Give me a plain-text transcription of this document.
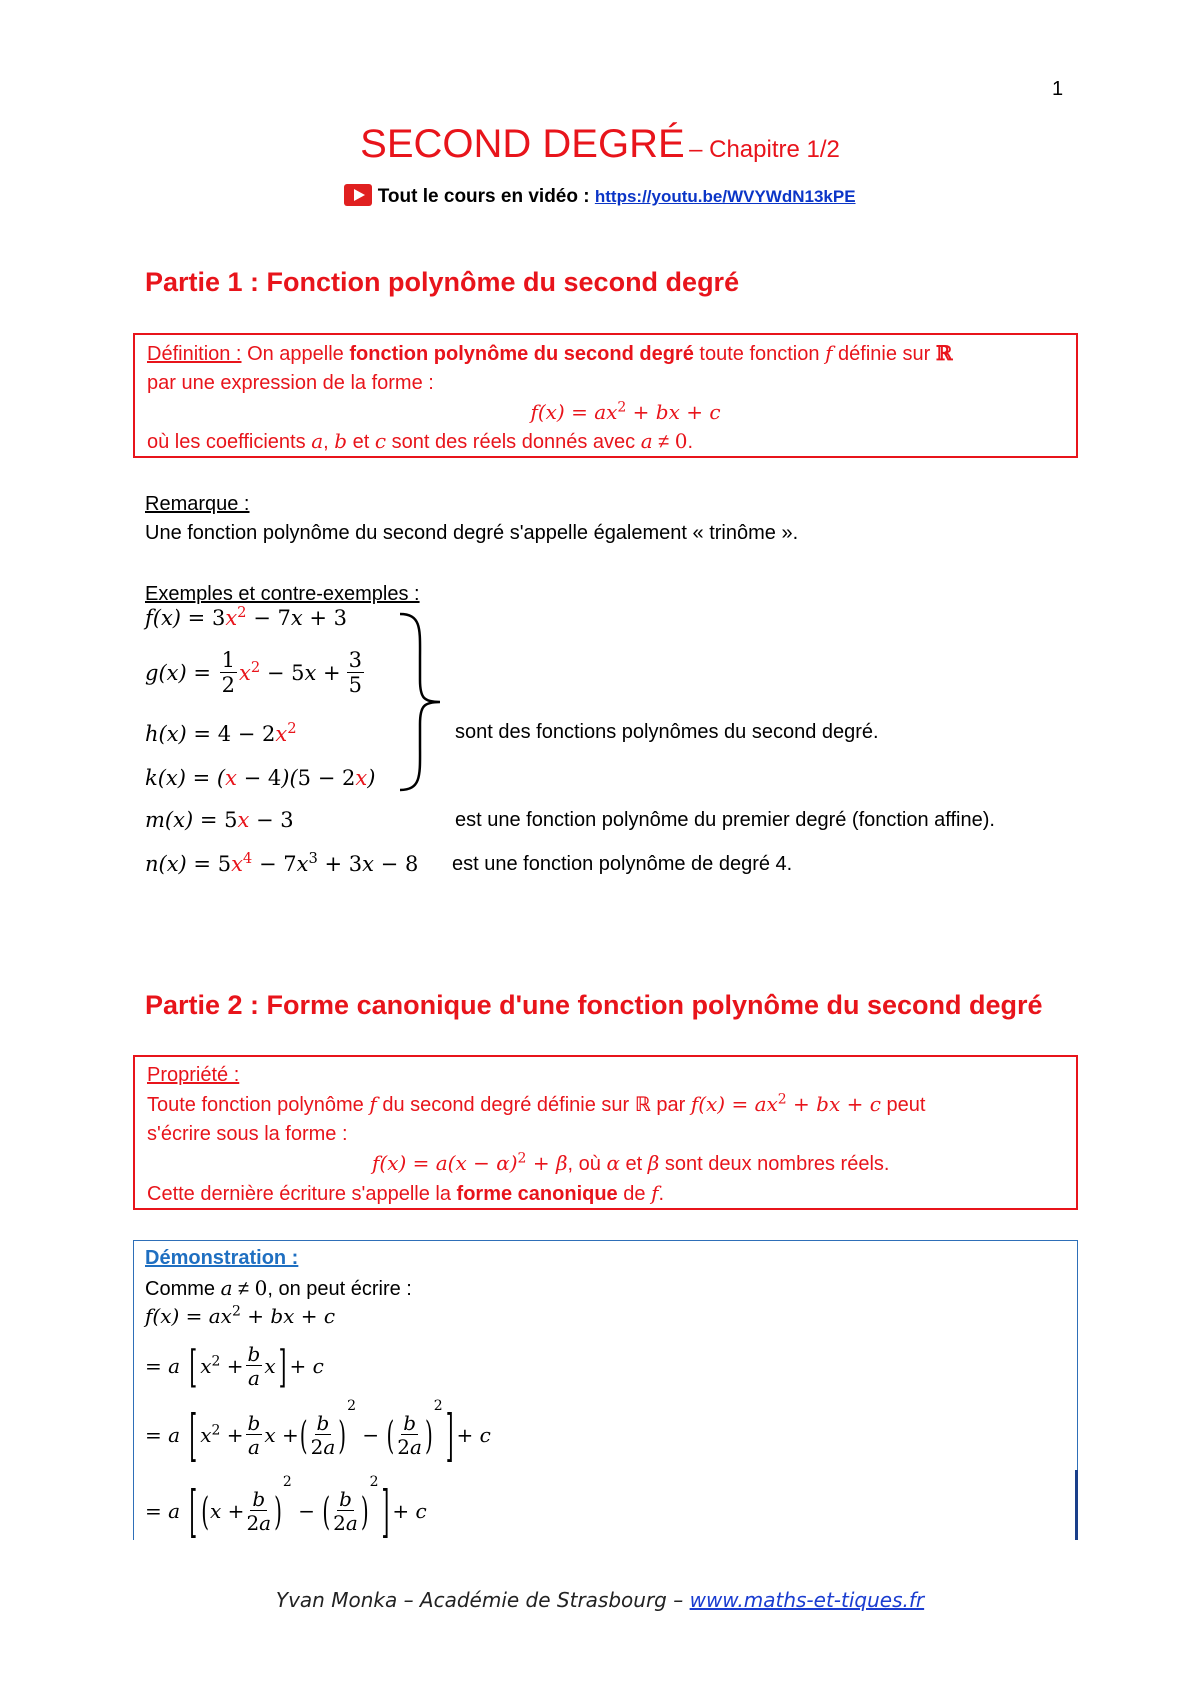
1
SECOND DEGRÉ – Chapitre 1/2
Tout le cours en vidéo : https://youtu.be/WVYWdN13kPE
Partie 1 : Fonction polynôme du second degré
Définition : On appelle fonction polynôme du second degré toute fonction f définie sur ℝ
par une expression de la forme :
$f(x) = ax^2$ + bx + c
où les coefficients a, b et c sont des réels donnés avec a ≠ 0.
Remarque :
Une fonction polynôme du second degré s'appelle également « trinôme ».
Exemples et contre-exemples :
$f(x) = 3x^2 - 7x + 3$
$g(x) = \frac{1}{2} x^2 - 5x + \frac{3}{5}$
$h(x) = 4 - 2x^2$
k(x) = (x − 4)(5 − 2x)
sont des fonctions polynômes du second degré.
m(x) = 5x − 3	est une fonction polynôme du premier degré (fonction affine).
$n(x) = 5x^4 - 7x^3 + 3x - 8$ est une fonction polynôme de degré 4.
Partie 2 : Forme canonique d'une fonction polynôme du second degré
Propriété :
Toute fonction polynôme f du second degré définie sur ℝ par $f(x) = ax^2$ + bx + c peut
s'écrire sous la forme :
$f(x) = a(x - \alpha)^2 + \beta$, où α et β sont deux nombres réels.
Cette dernière écriture s'appelle la forme canonique de f.
Démonstration :
Comme a ≠ 0, on peut écrire :
$f(x) = ax^2$ + bx + c
= a [ $x^2 + \frac{b}{a}$ x ] + c
= a [ $x^2 + \frac{b}{a}$ x + ( $\frac{b}{2a}$ )
2
− ( $\frac{b}{2a}$ )
2 ] + c
= a [ ( $x + \frac{b}{2a}$ )
2
− ( $\frac{b}{2a}$ )
2 ] + c
Yvan Monka – Académie de Strasbourg – www.maths-et-tiques.fr
